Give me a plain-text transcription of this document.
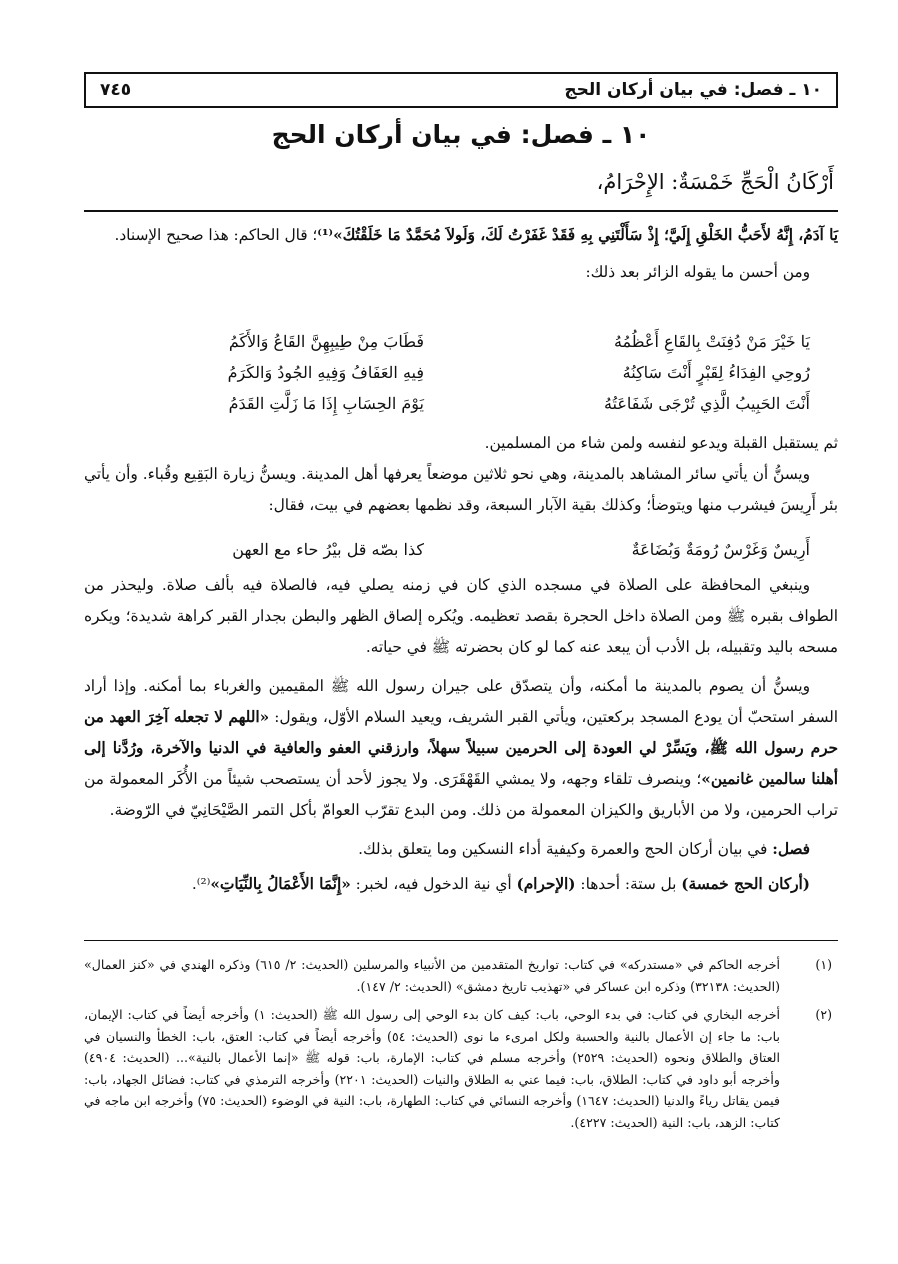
١٠ ـ فصل: في بيان أركان الحج
٧٤٥
١٠ ـ فصل: في بيان أركان الحج
أَرْكَانُ الْحَجِّ خَمْسَةٌ: الإِحْرَامُ،

يَا آدَمُ، إِنَّهُ لأَحَبُّ الخَلْقِ إِلَيَّ؛ إِذْ سَأَلْتَنِي بِهِ فَقَدْ غَفَرْتُ لَكَ، وَلَولاَ مُحَمَّدٌ مَا خَلَقْتُكَ»⁽¹⁾؛ قال الحاكم: هذا صحيح الإسناد.

ومن أحسن ما يقوله الزائر بعد ذلك:

يَا خَيْرَ مَنْ دُفِنَتْ بِالقَاعِ أَعْظُمُهُ
فَطَابَ مِنْ طِيبِهِنَّ القَاعُ وَالأَكَمُ
رُوحِي الفِدَاءُ لِقَبْرٍ أَنْتَ سَاكِنُهُ
فِيهِ العَفَافُ وَفِيهِ الجُودُ وَالكَرَمُ
أَنْتَ الحَبِيبُ الَّذِي تُرْجَى شَفَاعَتُهُ
يَوْمَ الحِسَابِ إِذَا مَا زَلَّتِ القَدَمُ

ثم يستقبل القبلة ويدعو لنفسه ولمن شاء من المسلمين.

ويسنُّ أن يأتي سائر المشاهد بالمدينة، وهي نحو ثلاثين موضعاً يعرفها أهل المدينة. ويسنُّ زيارة البَقِيع وقُباء. وأن يأتي بئر أَرِيسَ فيشرب منها ويتوضأ؛ وكذلك بقية الآبار السبعة، وقد نظمها بعضهم في بيت، فقال:

أَرِيسٌ وَغَرْسٌ رُومَةٌ وَبُضَاعَةٌ
كذا بصّه قل بيْرُ حاء مع العهن

وينبغي المحافظة على الصلاة في مسجده الذي كان في زمنه يصلي فيه، فالصلاة فيه بألف صلاة. وليحذر من الطواف بقبره ﷺ ومن الصلاة داخل الحجرة بقصد تعظيمه. ويُكره إلصاق الظهر والبطن بجدار القبر كراهة شديدة؛ ويكره مسحه باليد وتقبيله، بل الأدب أن يبعد عنه كما لو كان بحضرته ﷺ في حياته.

ويسنُّ أن يصوم بالمدينة ما أمكنه، وأن يتصدّق على جيران رسول الله ﷺ المقيمين والغرباء بما أمكنه. وإذا أراد السفر استحبّ أن يودع المسجد بركعتين، ويأتي القبر الشريف، ويعيد السلام الأوّل، ويقول: «اللهم لا تجعله آخِرَ العهد من حرم رسول الله ﷺ، ويَسِّرْ لي العودة إلى الحرمين سبيلاً سهلاً، وارزقني العفو والعافية في الدنيا والآخرة، ورُدَّنا إلى أهلنا سالمين غانمين»؛ وينصرف تلقاء وجهه، ولا يمشي القَهْقَرَى. ولا يجوز لأحد أن يستصحب شيئاً من الأُكَر المعمولة من تراب الحرمين، ولا من الأباريق والكيزان المعمولة من ذلك. ومن البدع تقرّب العوامّ بأكل التمر الصَّيْحَانِيّ في الرّوضة.

فصل: في بيان أركان الحج والعمرة وكيفية أداء النسكين وما يتعلق بذلك.

(أركان الحج خمسة) بل ستة: أحدها: (الإحرام) أي نية الدخول فيه، لخبر: «إِنَّمَا الأَعْمَالُ بِالنِّيَاتِ»⁽²⁾.

(١)
أخرجه الحاكم في «مستدركه» في كتاب: تواريخ المتقدمين من الأنبياء والمرسلين (الحديث: ٢/ ٦١٥) وذكره الهندي في «كنز العمال» (الحديث: ٣٢١٣٨) وذكره ابن عساكر في «تهذيب تاريخ دمشق» (الحديث: ٢/ ١٤٧).
(٢)
أخرجه البخاري في كتاب: في بدء الوحي، باب: كيف كان بدء الوحي إلى رسول الله ﷺ (الحديث: ١) وأخرجه أيضاً في كتاب: الإيمان، باب: ما جاء إن الأعمال بالنية والحسبة ولكل امرىء ما نوى (الحديث: ٥٤) وأخرجه أيضاً في كتاب: العتق، باب: الخطأ والنسيان في العتاق والطلاق ونحوه (الحديث: ٢٥٢٩) وأخرجه مسلم في كتاب: الإمارة، باب: قوله ﷺ «إنما الأعمال بالنية»... (الحديث: ٤٩٠٤) وأخرجه أبو داود في كتاب: الطلاق، باب: فيما عني به الطلاق والنيات (الحديث: ٢٢٠١) وأخرجه الترمذي في كتاب: فضائل الجهاد، باب: فيمن يقاتل رياءً والدنيا (الحديث: ١٦٤٧) وأخرجه النسائي في كتاب: الطهارة، باب: النية في الوضوء (الحديث: ٧٥) وأخرجه ابن ماجه في كتاب: الزهد، باب: النية (الحديث: ٤٢٢٧).
